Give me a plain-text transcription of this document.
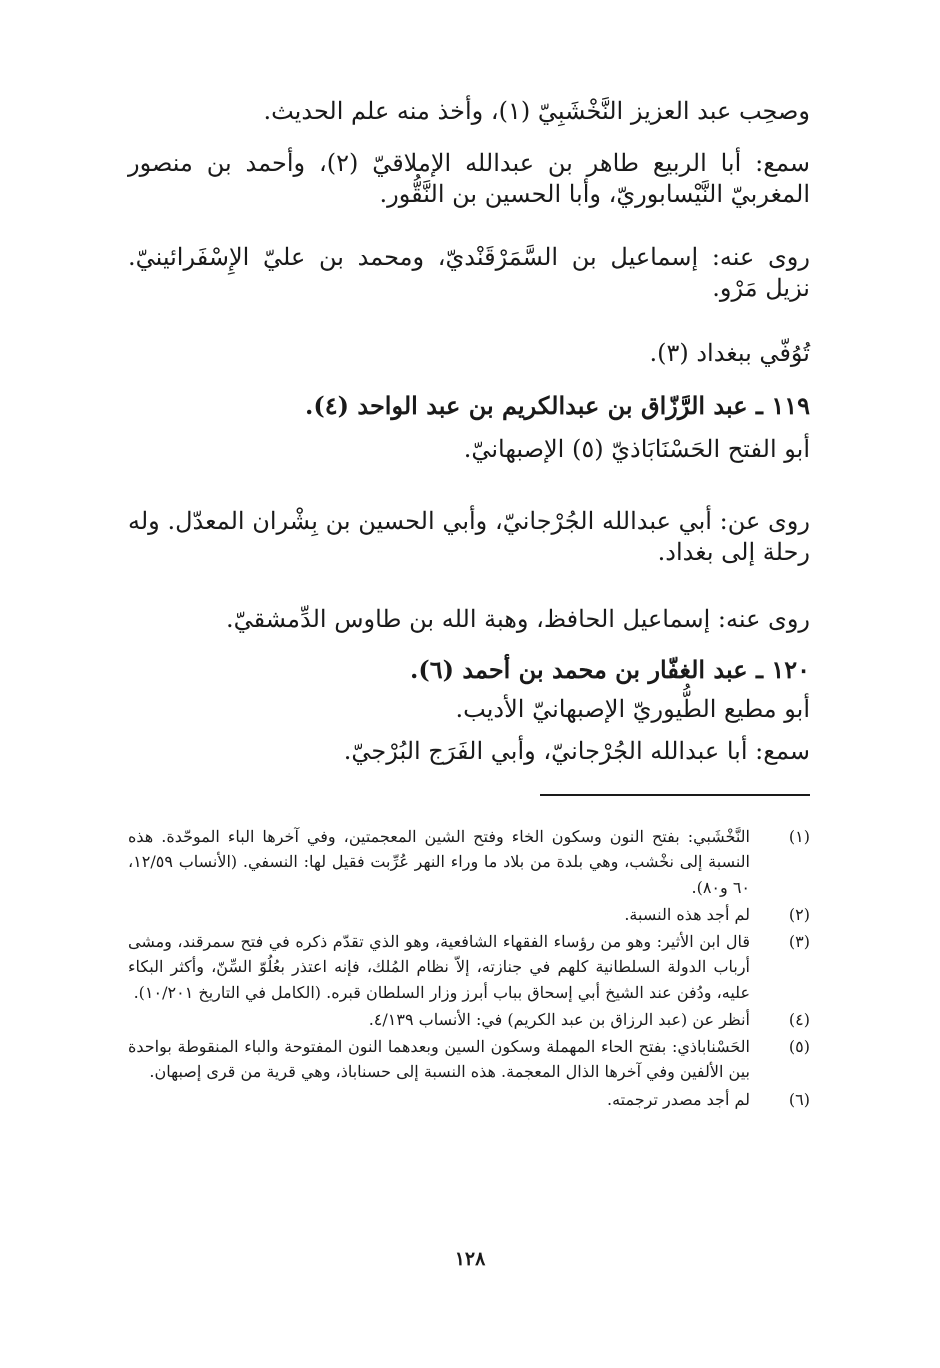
وصحِب عبد العزيز النَّخْشَبِيّ (١)، وأخذ منه علم الحديث.

سمع: أبا الربيع طاهر بن عبدالله الإملاقيّ (٢)، وأحمد بن منصور المغربيّ النَّيْسابوريّ، وأبا الحسين بن النَّقُّور.

روى عنه: إسماعيل بن السَّمَرْقَنْديّ، ومحمد بن عليّ الإِسْفَرائينيّ. نزيل مَرْو.

تُوُفّي ببغداد (٣).

١١٩ ـ عبد الرَّزّاق بن عبدالكريم بن عبد الواحد (٤).

أبو الفتح الحَسْنَابَاذيّ (٥) الإصبهانيّ.

روى عن: أبي عبدالله الجُرْجانيّ، وأبي الحسين بن بِشْران المعدّل. وله رحلة إلى بغداد.

روى عنه: إسماعيل الحافظ، وهبة الله بن طاوس الدِّمشقيّ.

١٢٠ ـ عبد الغفّار بن محمد بن أحمد (٦).

أبو مطيع الطُّيوريّ الإصبهانيّ الأديب.

سمع: أبا عبدالله الجُرْجانيّ، وأبي الفَرَج البُرْجيّ.

(١)
النَّخْشَبي: بفتح النون وسكون الخاء وفتح الشين المعجمتين، وفي آخرها الباء الموحّدة. هذه النسبة إلى نخْشب، وهي بلدة من بلاد ما وراء النهر عُرِّبت فقيل لها: النسفي. (الأنساب ١٢/٥٩، ٦٠ و٨٠).
(٢)
لم أجد هذه النسبة.
(٣)
قال ابن الأثير: وهو من رؤساء الفقهاء الشافعية، وهو الذي تقدّم ذكره في فتح سمرقند، ومشى أرباب الدولة السلطانية كلهم في جنازته، إلاّ نظام المُلك، فإنه اعتذر بعُلُوّ السِّنّ، وأكثر البكاء عليه، ودُفن عند الشيخ أبي إسحاق بباب أبرز وزار السلطان قبره. (الكامل في التاريخ ١٠/٢٠١).
(٤)
أنظر عن (عبد الرزاق بن عبد الكريم) في: الأنساب ٤/١٣٩.
(٥)
الحَسْناباذي: بفتح الحاء المهملة وسكون السين وبعدهما النون المفتوحة والباء المنقوطة بواحدة بين الألفين وفي آخرها الذال المعجمة. هذه النسبة إلى حسناباذ، وهي قرية من قرى إصبهان.
(٦)
لم أجد مصدر ترجمته.
١٢٨
